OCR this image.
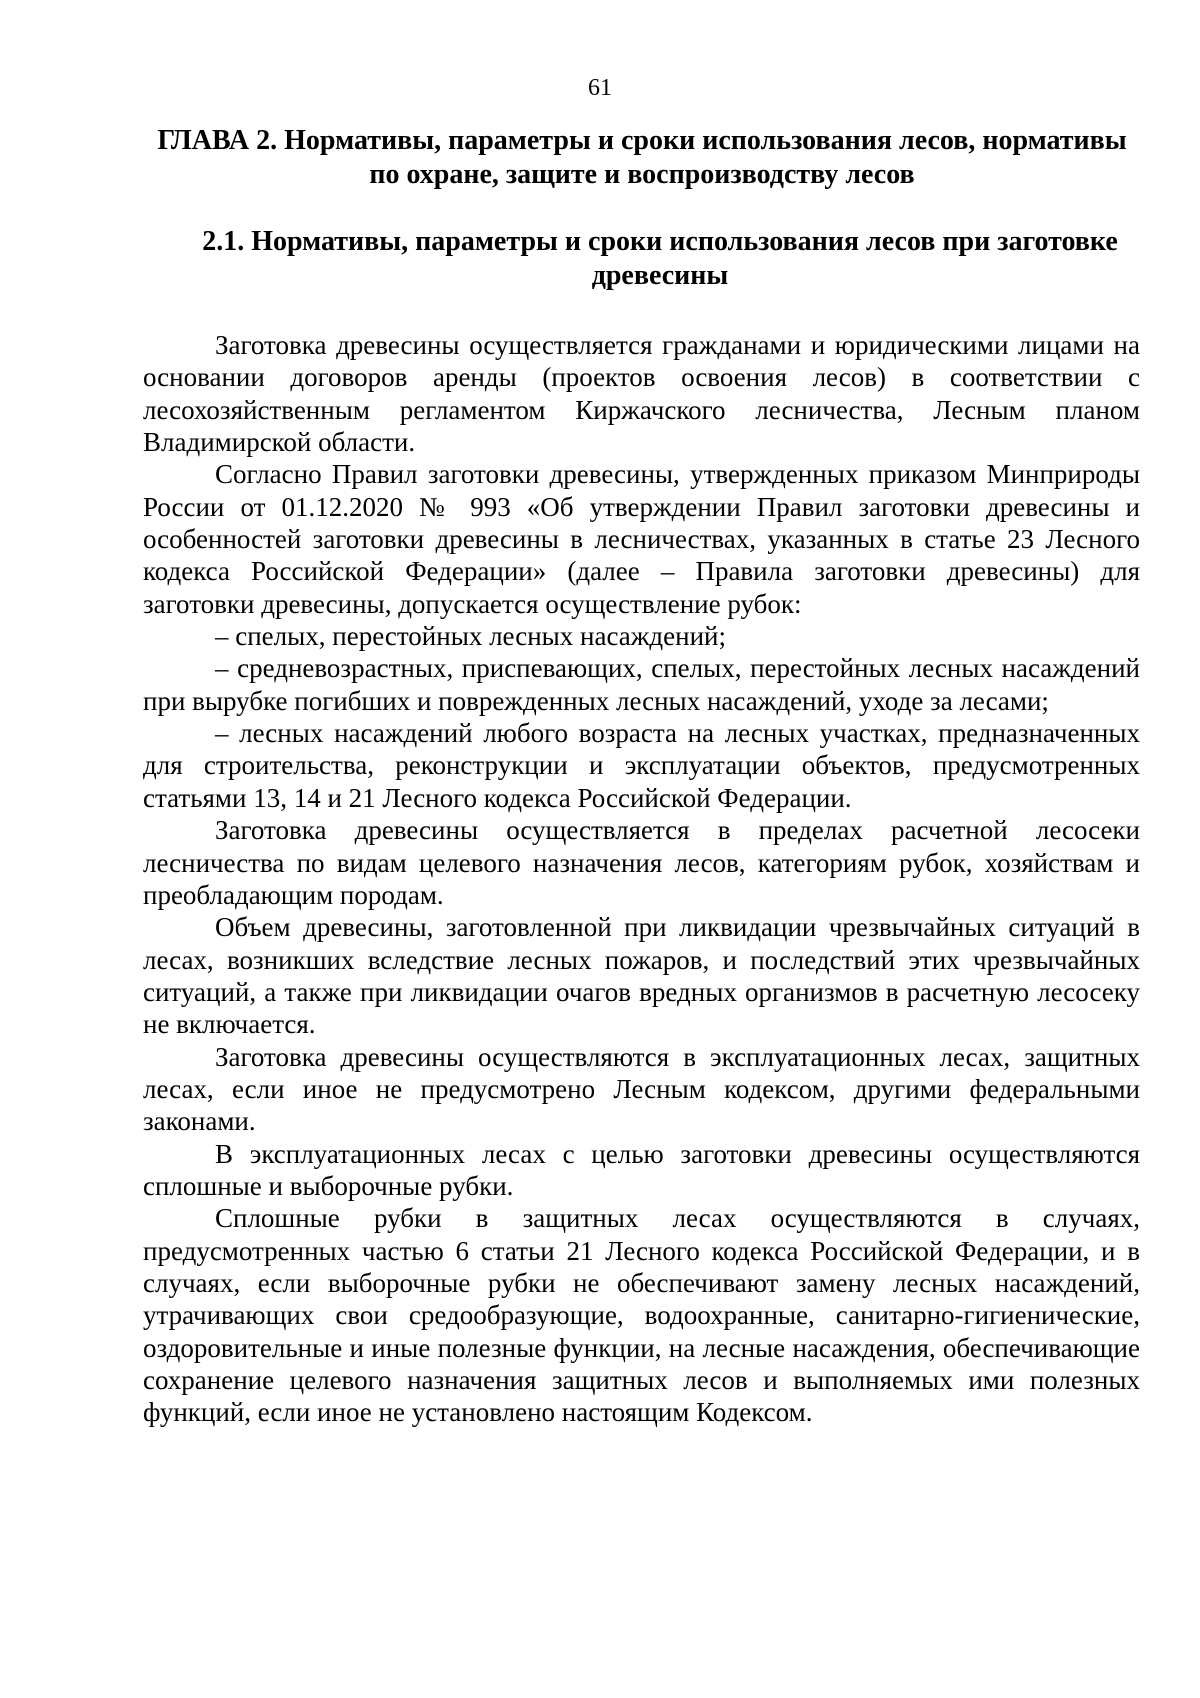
61
ГЛАВА 2. Нормативы, параметры и сроки использования лесов, нормативы по охране, защите и воспроизводству лесов
2.1. Нормативы, параметры и сроки использования лесов при заготовке древесины

Заготовка древесины осуществляется гражданами и юридическими лицами на основании договоров аренды (проектов освоения лесов) в соответствии с лесохозяйственным регламентом Киржачского лесничества, Лесным планом Владимирской области.

Согласно Правил заготовки древесины, утвержденных приказом Минприроды России от 01.12.2020 № 993 «Об утверждении Правил заготовки древесины и особенностей заготовки древесины в лесничествах, указанных в статье 23 Лесного кодекса Российской Федерации» (далее – Правила заготовки древесины) для заготовки древесины, допускается осуществление рубок:

– спелых, перестойных лесных насаждений;

– средневозрастных, приспевающих, спелых, перестойных лесных насаждений при вырубке погибших и поврежденных лесных насаждений, уходе за лесами;

– лесных насаждений любого возраста на лесных участках, предназначенных для строительства, реконструкции и эксплуатации объектов, предусмотренных статьями 13, 14 и 21 Лесного кодекса Российской Федерации.

Заготовка древесины осуществляется в пределах расчетной лесосеки лесничества по видам целевого назначения лесов, категориям рубок, хозяйствам и преобладающим породам.

Объем древесины, заготовленной при ликвидации чрезвычайных ситуаций в лесах, возникших вследствие лесных пожаров, и последствий этих чрезвычайных ситуаций, а также при ликвидации очагов вредных организмов в расчетную лесосеку не включается.

Заготовка древесины осуществляются в эксплуатационных лесах, защитных лесах, если иное не предусмотрено Лесным кодексом, другими федеральными законами.

В эксплуатационных лесах с целью заготовки древесины осуществляются сплошные и выборочные рубки.

Сплошные рубки в защитных лесах осуществляются в случаях, предусмотренных частью 6 статьи 21 Лесного кодекса Российской Федерации, и в случаях, если выборочные рубки не обеспечивают замену лесных насаждений, утрачивающих свои средообразующие, водоохранные, санитарно-гигиенические, оздоровительные и иные полезные функции, на лесные насаждения, обеспечивающие сохранение целевого назначения защитных лесов и выполняемых ими полезных функций, если иное не установлено настоящим Кодексом.
